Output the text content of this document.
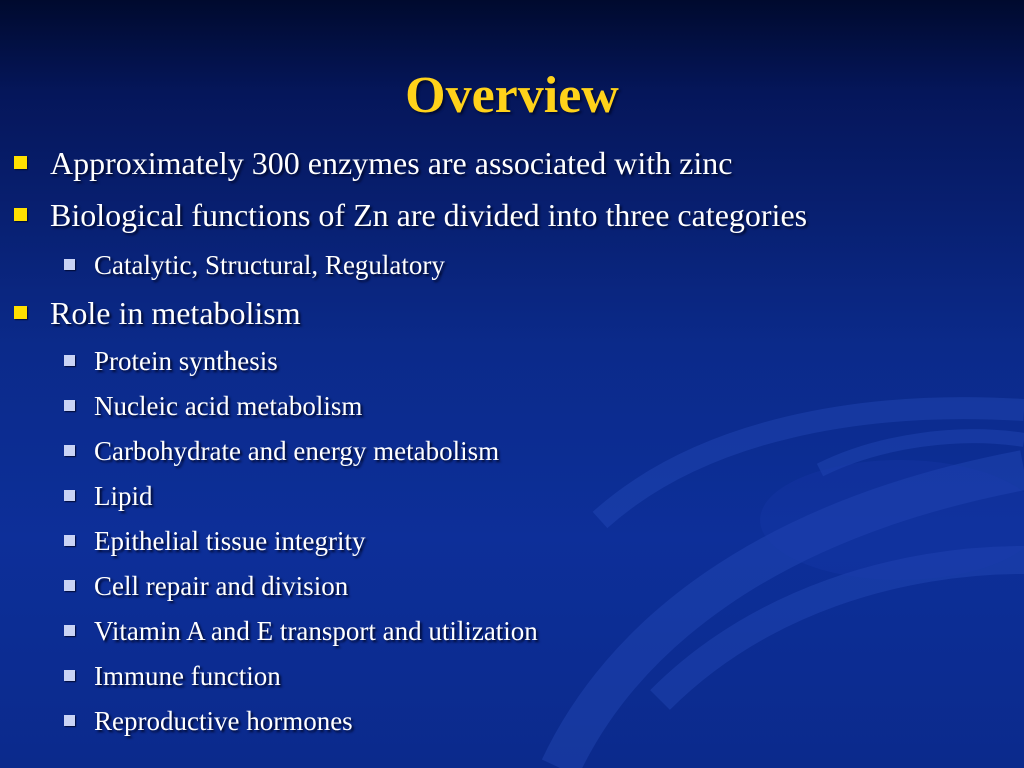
Overview
Approximately 300 enzymes are associated with zinc
Biological functions of Zn are divided into three categories
Catalytic, Structural, Regulatory
Role in metabolism
Protein synthesis
Nucleic acid metabolism
Carbohydrate and energy metabolism
Lipid
Epithelial tissue integrity
Cell repair and division
Vitamin A and E transport and utilization
Immune function
Reproductive hormones
